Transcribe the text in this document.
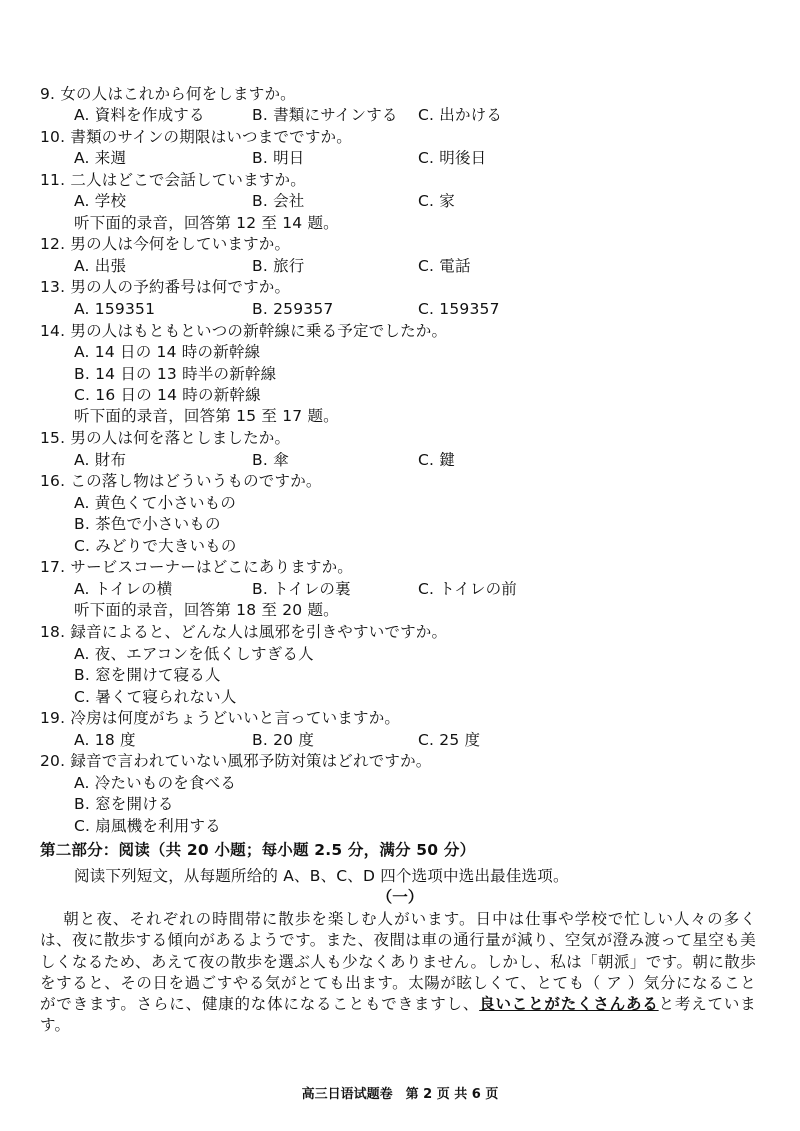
9. 女の人はこれから何をしますか。
A. 資料を作成する	B. 書類にサインする C. 出かける
10. 書類のサインの期限はいつまでですか。
A. 来週	B. 明日	C. 明後日
11. 二人はどこで会話していますか。
A. 学校	B. 会社	C. 家
听下面的录音，回答第 12 至 14 题。
12. 男の人は今何をしていますか。
A. 出張	B. 旅行	C. 電話
13. 男の人の予約番号は何ですか。
A. 159351	B. 259357	C. 159357
14. 男の人はもともといつの新幹線に乗る予定でしたか。
A. 14 日の 14 時の新幹線
B. 14 日の 13 時半の新幹線
C. 16 日の 14 時の新幹線
听下面的录音，回答第 15 至 17 题。
15. 男の人は何を落としましたか。
A. 財布	B. 傘	C. 鍵
16. この落し物はどういうものですか。
A. 黄色くて小さいもの
B. 茶色で小さいもの
C. みどりで大きいもの
17. サービスコーナーはどこにありますか。
A. トイレの横	B. トイレの裏	C. トイレの前
听下面的录音，回答第 18 至 20 题。
18. 録音によると、どんな人は風邪を引きやすいですか。
A. 夜、エアコンを低くしすぎる人
B. 窓を開けて寝る人
C. 暑くて寝られない人
19. 冷房は何度がちょうどいいと言っていますか。
A. 18 度	B. 20 度	C. 25 度
20. 録音で言われていない風邪予防対策はどれですか。
A. 冷たいものを食べる
B. 窓を開ける
C. 扇風機を利用する
第二部分：阅读（共 20 小题；每小题 2.5 分，满分 50 分）
阅读下列短文，从每题所给的 A、B、C、D 四个选项中选出最佳选项。
（一）
朝と夜、それぞれの時間帯に散歩を楽しむ人がいます。日中は仕事や学校で忙しい人々の多くは、夜に散歩する傾向があるようです。また、夜間は車の通行量が減り、空気が澄み渡って星空も美しくなるため、あえて夜の散歩を選ぶ人も少なくありません。しかし、私は「朝派」です。朝に散歩をすると、その日を過ごすやる気がとても出ます。太陽が眩しくて、とても（ ア ）気分になることができます。さらに、健康的な体になることもできますし、良いことがたくさんあると考えています。
高三日语试题卷　第 2 页 共 6 页
